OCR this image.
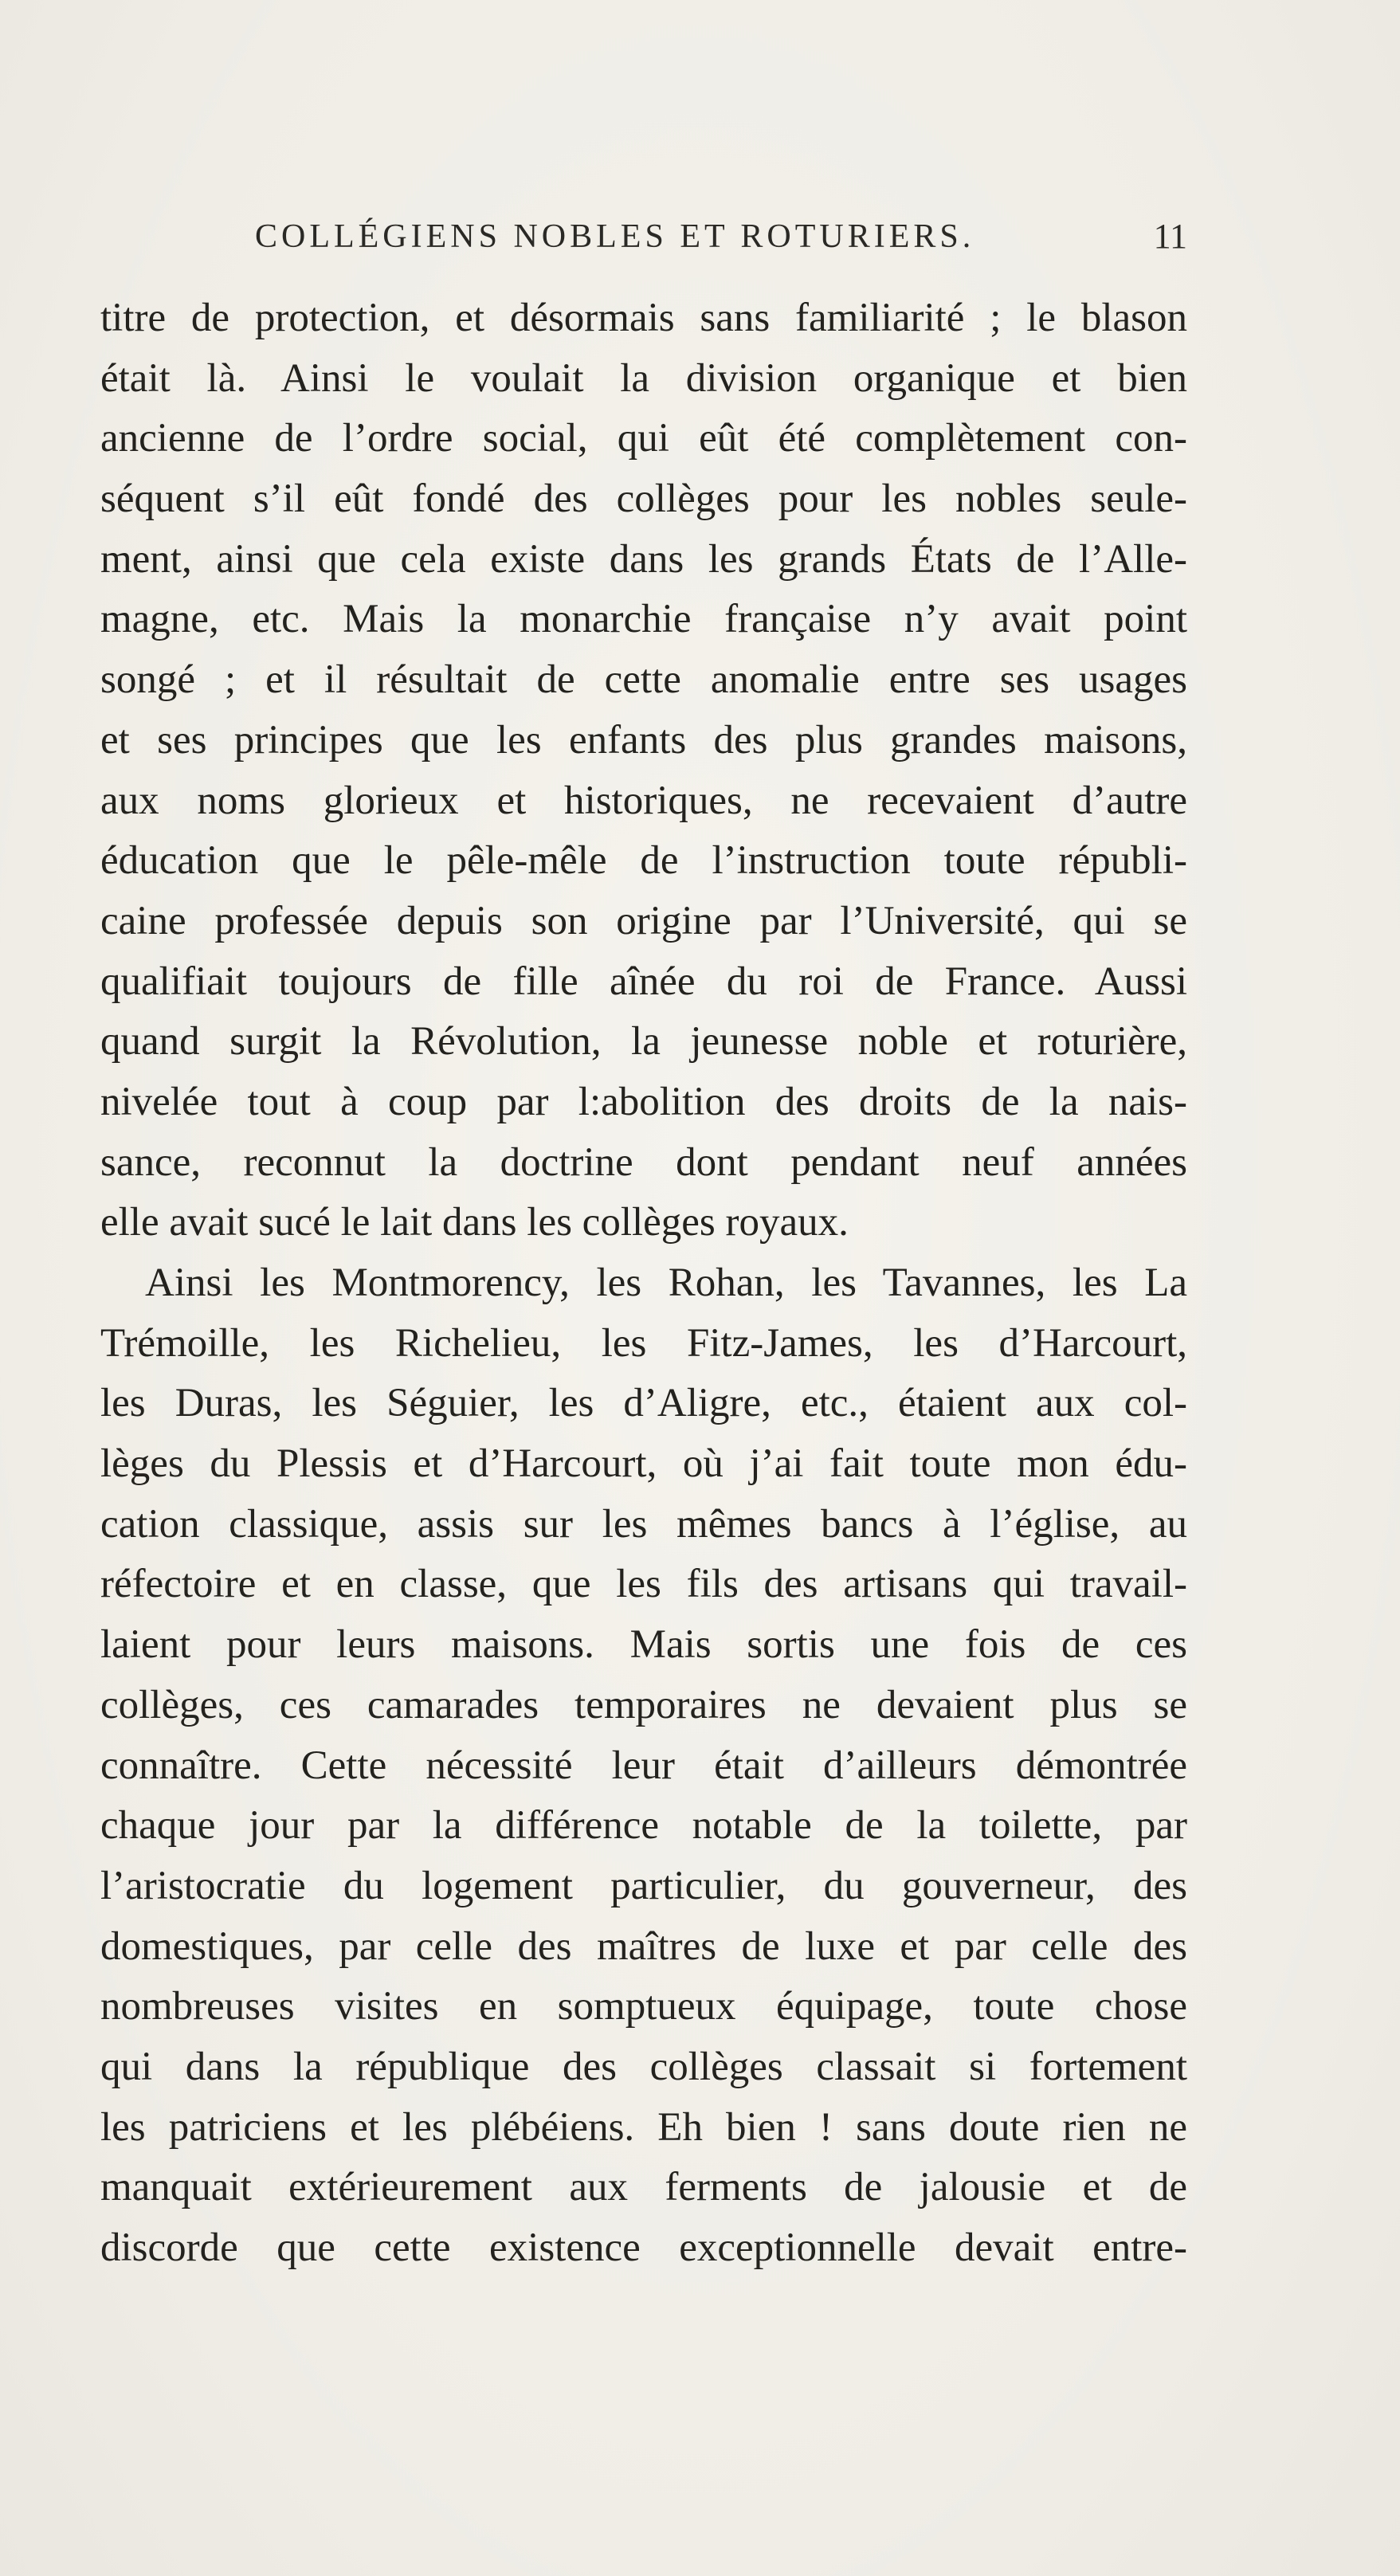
COLLÉGIENS NOBLES ET ROTURIERS.	11
titre de protection, et désormais sans familiarité ; le blason
était là. Ainsi le voulait la division organique et bien
ancienne de l’ordre social, qui eût été complètement con-
séquent s’il eût fondé des collèges pour les nobles seule-
ment, ainsi que cela existe dans les grands États de l’Alle-
magne, etc. Mais la monarchie française n’y avait point
songé ; et il résultait de cette anomalie entre ses usages
et ses principes que les enfants des plus grandes maisons,
aux noms glorieux et historiques, ne recevaient d’autre
éducation que le pêle-mêle de l’instruction toute républi-
caine professée depuis son origine par l’Université, qui se
qualifiait toujours de fille aînée du roi de France. Aussi
quand surgit la Révolution, la jeunesse noble et roturière,
nivelée tout à coup par l:abolition des droits de la nais-
sance, reconnut la doctrine dont pendant neuf années
elle avait sucé le lait dans les collèges royaux.
Ainsi les Montmorency, les Rohan, les Tavannes, les La
Trémoille, les Richelieu, les Fitz-James, les d’Harcourt,
les Duras, les Séguier, les d’Aligre, etc., étaient aux col-
lèges du Plessis et d’Harcourt, où j’ai fait toute mon édu-
cation classique, assis sur les mêmes bancs à l’église, au
réfectoire et en classe, que les fils des artisans qui travail-
laient pour leurs maisons. Mais sortis une fois de ces
collèges, ces camarades temporaires ne devaient plus se
connaître. Cette nécessité leur était d’ailleurs démontrée
chaque jour par la différence notable de la toilette, par
l’aristocratie du logement particulier, du gouverneur, des
domestiques, par celle des maîtres de luxe et par celle des
nombreuses visites en somptueux équipage, toute chose
qui dans la république des collèges classait si fortement
les patriciens et les plébéiens. Eh bien ! sans doute rien ne
manquait extérieurement aux ferments de jalousie et de
discorde que cette existence exceptionnelle devait entre-
